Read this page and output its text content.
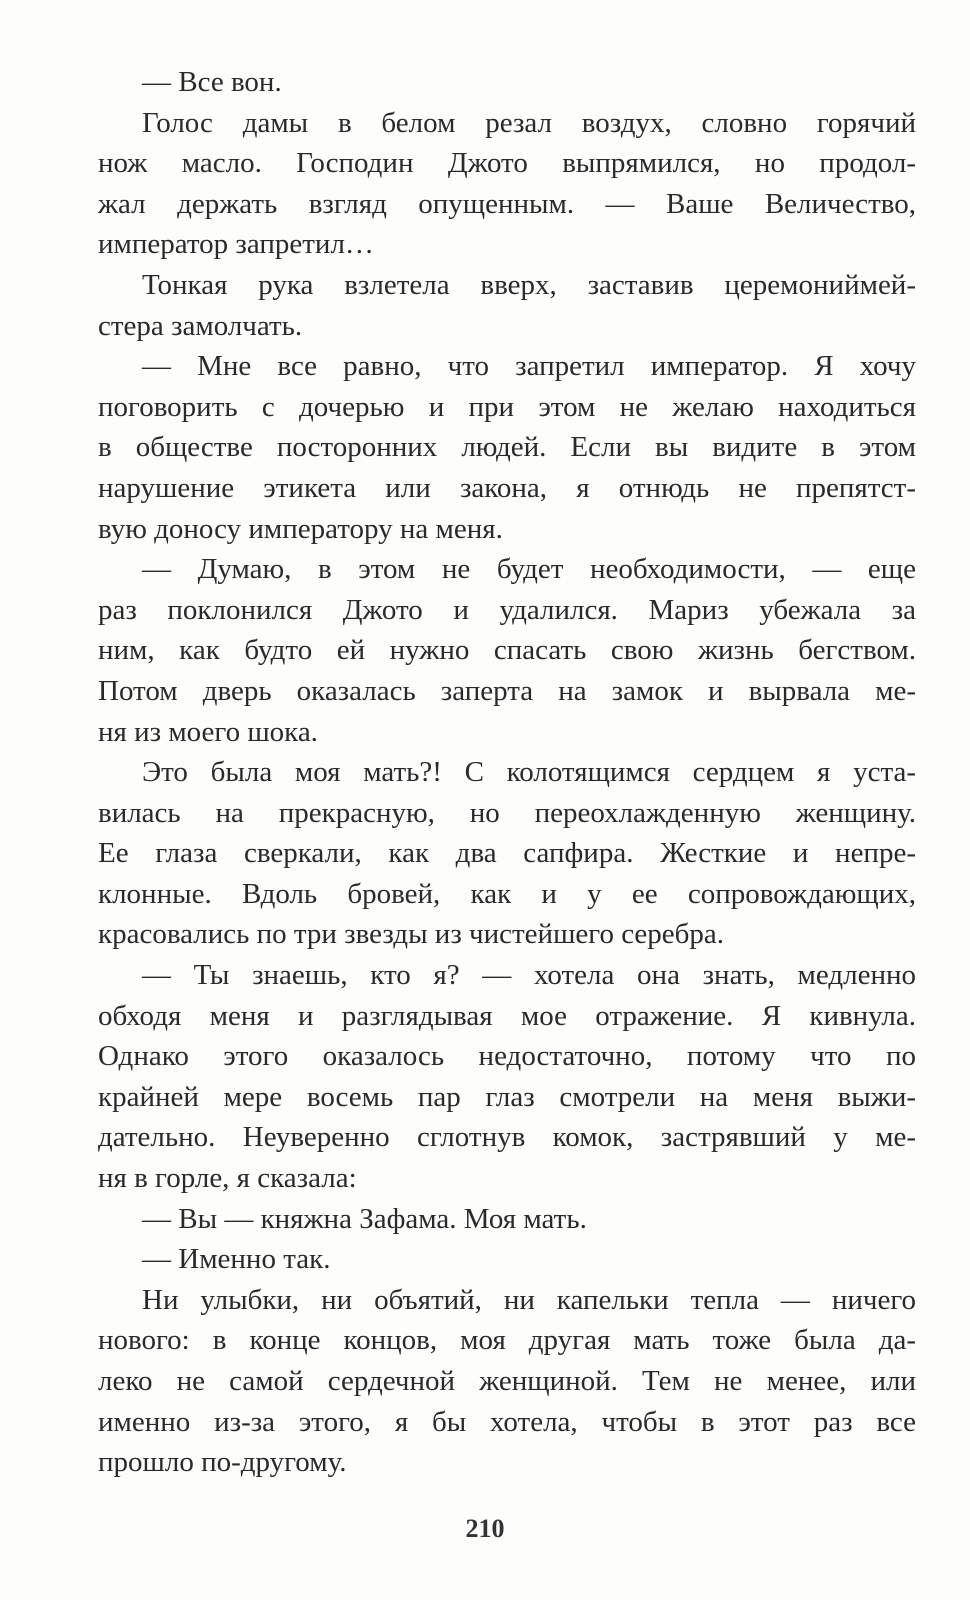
— Все вон.
Голос дамы в белом резал воздух, словно горячий
нож масло. Господин Джото выпрямился, но продол-
жал держать взгляд опущенным. — Ваше Величество,
император запретил…
Тонкая рука взлетела вверх, заставив церемониймей-
стера замолчать.
— Мне все равно, что запретил император. Я хочу
поговорить с дочерью и при этом не желаю находиться
в обществе посторонних людей. Если вы видите в этом
нарушение этикета или закона, я отнюдь не препятст-
вую доносу императору на меня.
— Думаю, в этом не будет необходимости, — еще
раз поклонился Джото и удалился. Мариз убежала за
ним, как будто ей нужно спасать свою жизнь бегством.
Потом дверь оказалась заперта на замок и вырвала ме-
ня из моего шока.
Это была моя мать?! С колотящимся сердцем я уста-
вилась на прекрасную, но переохлажденную женщину.
Ее глаза сверкали, как два сапфира. Жесткие и непре-
клонные. Вдоль бровей, как и у ее сопровождающих,
красовались по три звезды из чистейшего серебра.
— Ты знаешь, кто я? — хотела она знать, медленно
обходя меня и разглядывая мое отражение. Я кивнула.
Однако этого оказалось недостаточно, потому что по
крайней мере восемь пар глаз смотрели на меня выжи-
дательно. Неуверенно сглотнув комок, застрявший у ме-
ня в горле, я сказала:
— Вы — княжна Зафама. Моя мать.
— Именно так.
Ни улыбки, ни объятий, ни капельки тепла — ничего
нового: в конце концов, моя другая мать тоже была да-
леко не самой сердечной женщиной. Тем не менее, или
именно из-за этого, я бы хотела, чтобы в этот раз все
прошло по-другому.
210
